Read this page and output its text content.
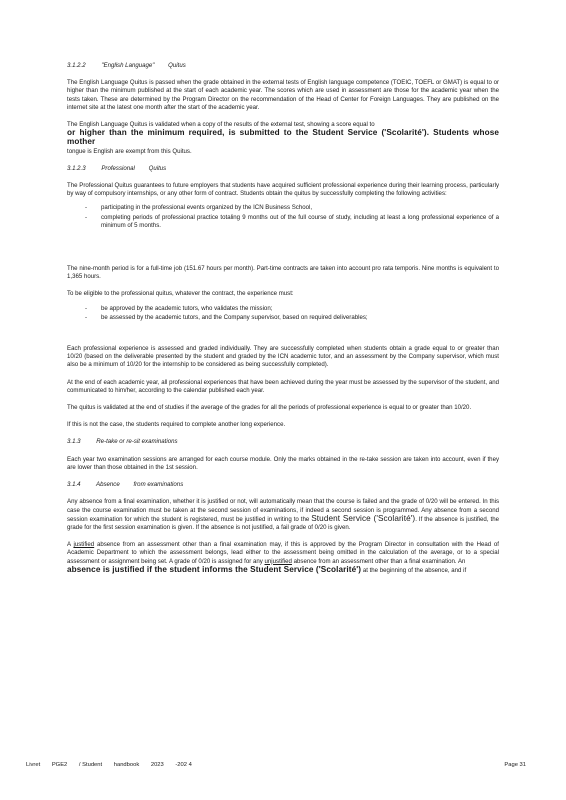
3.1.2.2	"English Language" Quitus

The English Language Quitus is passed when the grade obtained in the external tests of English language competence (TOEIC, TOEFL or GMAT) is equal to or higher than the minimum published at the start of each academic year. The scores which are used in assessment are those for the academic year when the tests taken. These are determined by the Program Director on the recommendation of the Head of Center for Foreign Languages. They are published on the internet site at the latest one month after the start of the academic year.

The English Language Quitus is validated when a copy of the results of the external test, showing a score equal to
or higher than the minimum required, is submitted to the Student Service ('Scolarité'). Students whose mother
tongue is English are exempt from this Quitus.

3.1.2.3	Professional Quitus

The Professional Quitus guarantees to future employers that students have acquired sufficient professional experience during their learning process, particularly by way of compulsory internships, or any other form of contract. Students obtain the quitus by successfully completing the following activities:

- participating in the professional events organized by the ICN Business School,
- completing periods of professional practice totaling 9 months out of the full course of study, including at least a long professional experience of a minimum of 5 months.

The nine-month period is for a full-time job (151.67 hours per month). Part-time contracts are taken into account pro rata temporis. Nine months is equivalent to 1,365 hours.

To be eligible to the professional quitus, whatever the contract, the experience must:

- be approved by the academic tutors, who validates the mission;
- be assessed by the academic tutors, and the Company supervisor, based on required deliverables;

Each professional experience is assessed and graded individually. They are successfully completed when students obtain a grade equal to or greater than 10/20 (based on the deliverable presented by the student and graded by the ICN academic tutor, and an assessment by the Company supervisor, which must also be a minimum of 10/20 for the internship to be considered as being successfully completed).

At the end of each academic year, all professional experiences that have been achieved during the year must be assessed by the supervisor of the student, and communicated to him/her, according to the calendar published each year.

The quitus is validated at the end of studies if the average of the grades for all the periods of professional experience is equal to or greater than 10/20.

If this is not the case, the students required to complete another long experience.

3.1.3	Re-take or re-sit examinations

Each year two examination sessions are arranged for each course module. Only the marks obtained in the re-take session are taken into account, even if they are lower than those obtained in the 1st session.

3.1.4	Absence from examinations

Any absence from a final examination, whether it is justified or not, will automatically mean that the course is failed and the grade of 0/20 will be entered. In this case the course examination must be taken at the second session of examinations, if indeed a second session is programmed. Any absence from a second session examination for which the student is registered, must be justified in writing to the Student Service ('Scolarité'). If the absence is justified, the grade for the first session examination is given. If the absence is not justified, a fail grade of 0/20 is given.

A justified absence from an assessment other than a final examination may, if this is approved by the Program Director in consultation with the Head of Academic Department to which the assessment belongs, lead either to the assessment being omitted in the calculation of the average, or to a special assessment or assignment being set. A grade of 0/20 is assigned for any unjustified absence from an assessment other than a final examination. An
absence is justified if the student informs the Student Service ('Scolarité') at the beginning of the absence, and if

Livret PGE2 / Student handbook 2023 -202 4	Page 31
